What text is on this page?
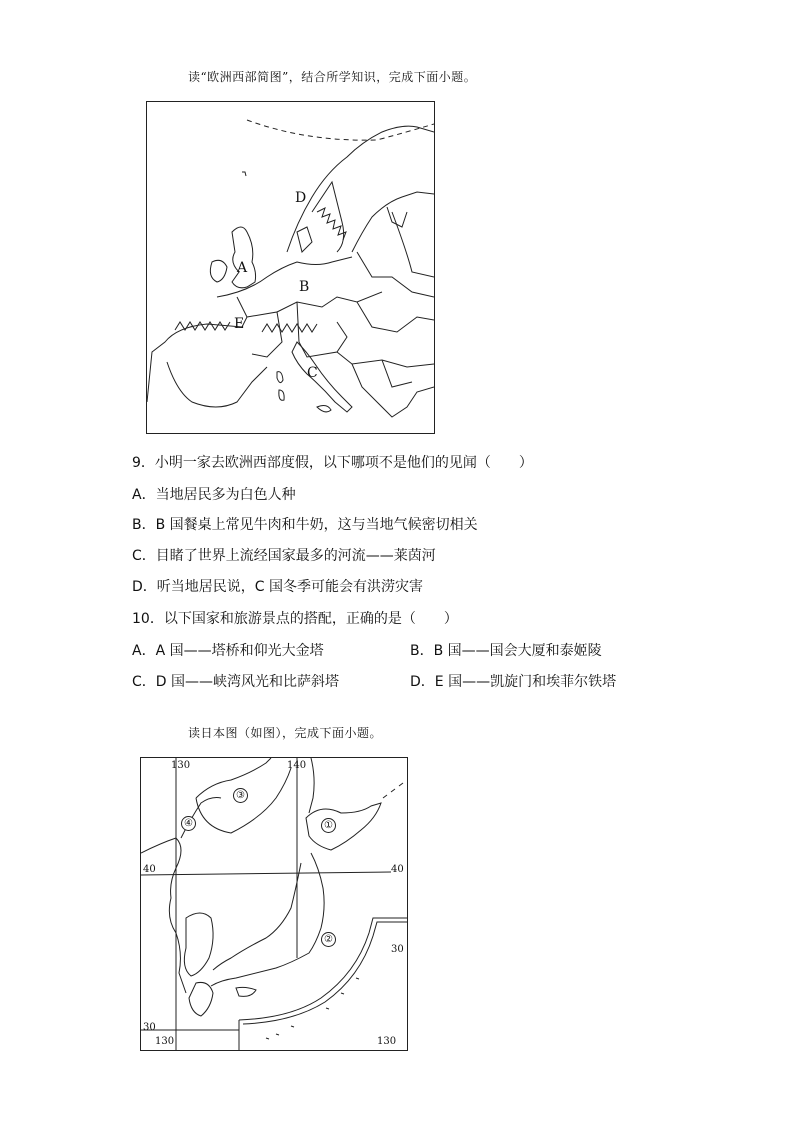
读“欧洲西部简图”，结合所学知识，完成下面小题。
D
A
B
E
C
9．小明一家去欧洲西部度假，以下哪项不是他们的见闻（　　）
A．当地居民多为白色人种
B．B 国餐桌上常见牛肉和牛奶，这与当地气候密切相关
C．目睹了世界上流经国家最多的河流——莱茵河
D．听当地居民说，C 国冬季可能会有洪涝灾害
10．以下国家和旅游景点的搭配，正确的是（　　）
A．A 国——塔桥和仰光大金塔	B．B 国——国会大厦和泰姬陵
C．D 国——峡湾风光和比萨斜塔	D．E 国——凯旋门和埃菲尔铁塔
读日本图（如图），完成下面小题。
130	140
40	40
30
30
130	130
③
④	①
②
